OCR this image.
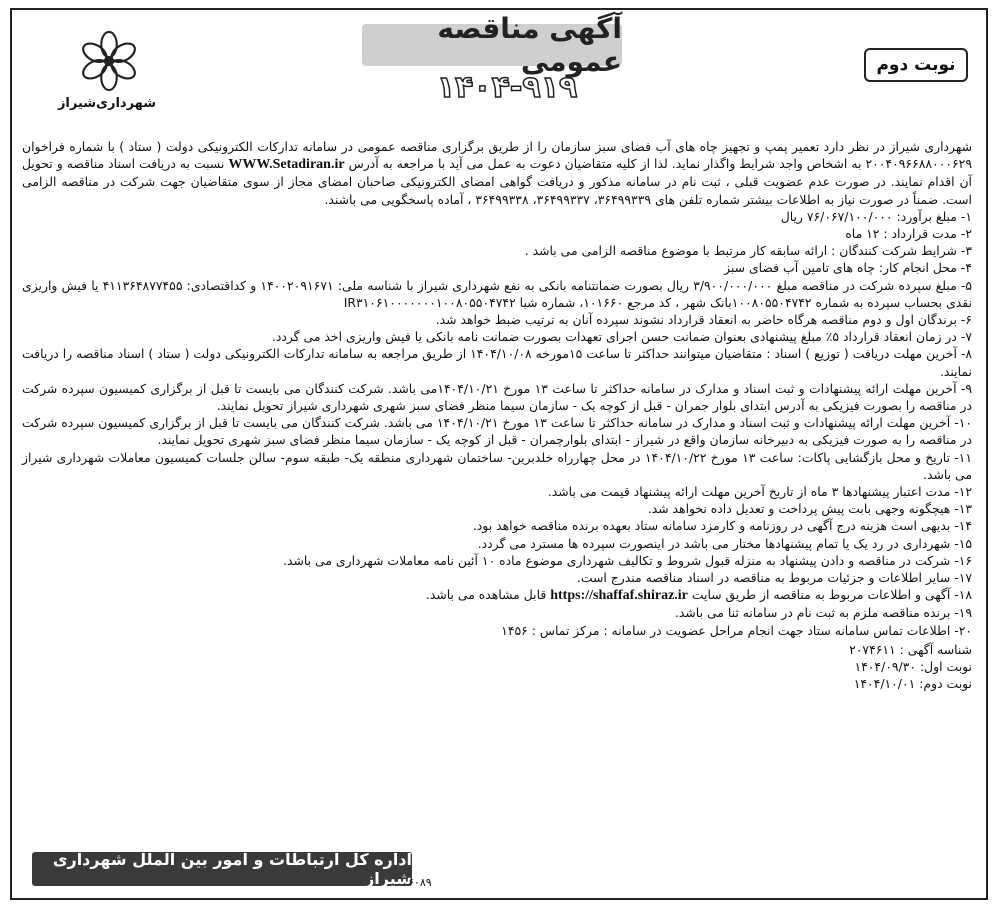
نوبت دوم
آگهی مناقصه عمومی
۱۴۰۴-۹۱۹
شهرداری‌شیراز

شهرداری شیراز در نظر دارد تعمیر پمپ و تجهیز چاه های آب فضای سبز سازمان را از طریق برگزاری مناقصه عمومی در سامانه تدارکات الکترونیکی دولت ( ستاد ) با شماره فراخوان ۲۰۰۴۰۹۶۶۸۸۰۰۰۶۲۹ به اشخاص واجد شرایط واگذار نماید. لذا از کلیه متقاضیان دعوت به عمل می آید با مراجعه به آدرس WWW.Setadiran.ir نسبت به دریافت اسناد مناقصه و تحویل آن اقدام نمایند. در صورت عدم عضویت قبلی ، ثبت نام در سامانه مذکور و دریافت گواهی امضای الکترونیکی صاحبان امضای مجاز از سوی متقاضیان جهت شرکت در مناقصه الزامی است. ضمناً در صورت نیاز به اطلاعات بیشتر شماره تلفن های ۳۶۴۹۹۳۳۹، ۳۶۴۹۹۳۳۷، ۳۶۴۹۹۳۳۸ ، آماده پاسخگویی می باشند.

۱- مبلغ برآورد: ۷۶/۰۶۷/۱۰۰/۰۰۰ ریال
۲- مدت قرارداد : ۱۲ ماه
۳- شرایط شرکت کنندگان : ارائه سابقه کار مرتبط با موضوع مناقصه الزامی می باشد .
۴- محل انجام کار: چاه های تامین آب فضای سبز
۵- مبلغ سپرده شرکت در مناقصه مبلغ ۳/۹۰۰/۰۰۰/۰۰۰ ریال بصورت ضمانتنامه بانکی به نفع شهرداری شیراز با شناسه ملی: ۱۴۰۰۲۰۹۱۶۷۱ و کداقتصادی: ۴۱۱۳۶۴۸۷۷۴۵۵ یا فیش واریزی نقدی بحساب سپرده به شماره ۱۰۰۸۰۵۵۰۴۷۴۲بانک شهر ، کد مرجع ۱۰۱۶۶۰، شماره شبا IR۳۱۰۶۱۰۰۰۰۰۰۰۱۰۰۸۰۵۵۰۴۷۴۲
۶- برندگان اول و دوم مناقصه هرگاه حاضر به انعقاد قرارداد نشوند سپرده آنان به ترتیب ضبط خواهد شد.
۷- در زمان انعقاد قرارداد ۵٪ مبلغ پیشنهادی بعنوان ضمانت حسن اجرای تعهدات بصورت ضمانت نامه بانکی یا فیش واریزی اخذ می گردد.
۸- آخرین مهلت دریافت ( توزیع ) اسناد : متقاضیان میتوانند حداکثر تا ساعت ۱۵مورخه ۱۴۰۴/۱۰/۰۸ از طریق مراجعه به سامانه تدارکات الکترونیکی دولت ( ستاد ) اسناد مناقصه را دریافت نمایند.
۹- آخرین مهلت ارائه پیشنهادات و ثبت اسناد و مدارک در سامانه حداکثر تا ساعت ۱۳ مورخ ۱۴۰۴/۱۰/۲۱می باشد. شرکت کنندگان می بایست تا قبل از برگزاری کمیسیون سپرده شرکت در مناقصه را بصورت فیزیکی به آدرس ابتدای بلوار جمران - قبل از کوچه یک - سازمان سیما منظر فضای سبز شهری شهرداری شیراز تحویل نمایند.
۱۰- آخرین مهلت ارائه پیشنهادات و ثبت اسناد و مدارک در سامانه حداکثر تا ساعت ۱۳ مورخ ۱۴۰۴/۱۰/۲۱ می باشد. شرکت کنندگان می بایست تا قبل از برگزاری کمیسیون سپرده شرکت در مناقصه را به صورت فیزیکی به دبیرخانه سازمان واقع در شیراز - ابتدای بلوارچمران - قبل از کوچه یک - سازمان سیما منظر فضای سبز شهری تحویل نمایند.
۱۱- تاریخ و محل بازگشایی پاکات: ساعت ۱۳ مورخ ۱۴۰۴/۱۰/۲۲ در محل چهارراه خلدبرین- ساختمان شهرداری منطقه یک- طبقه سوم- سالن جلسات کمیسیون معاملات شهرداری شیراز می باشد.
۱۲- مدت اعتبار پیشنهادها ۳ ماه از تاریخ آخرین مهلت ارائه پیشنهاد قیمت می باشد.
۱۳- هیچگونه وجهی بابت پیش پرداخت و تعدیل داده نخواهد شد.
۱۴- بدیهی است هزینه درج آگهی در روزنامه و کارمزد سامانه ستاد بعهده برنده مناقصه خواهد بود.
۱۵- شهرداری در رد یک یا تمام پیشنهادها مختار می باشد در اینصورت سپرده ها مسترد می گردد.
۱۶- شرکت در مناقصه و دادن پیشنهاد به منزله قبول شروط و تکالیف شهرداری موضوع ماده ۱۰ آئین نامه معاملات شهرداری می باشد.
۱۷- سایر اطلاعات و جزئیات مربوط به مناقصه در اسناد مناقصه مندرج است.
۱۸- آگهی و اطلاعات مربوط به مناقصه از طریق سایت https://shaffaf.shiraz.ir قابل مشاهده می باشد.
۱۹- برنده مناقصه ملزم به ثبت نام در سامانه ثنا می باشد.
۲۰- اطلاعات تماس سامانه ستاد جهت انجام مراحل عضویت در سامانه : مرکز تماس : ۱۴۵۶
شناسه آگهی : ۲۰۷۴۶۱۱
نوبت اول: ۱۴۰۴/۰۹/۳۰
نوبت دوم: ۱۴۰۴/۱۰/۰۱
اداره کل ارتباطات و امور بین الملل شهرداری شیراز
۶۰۸۹
